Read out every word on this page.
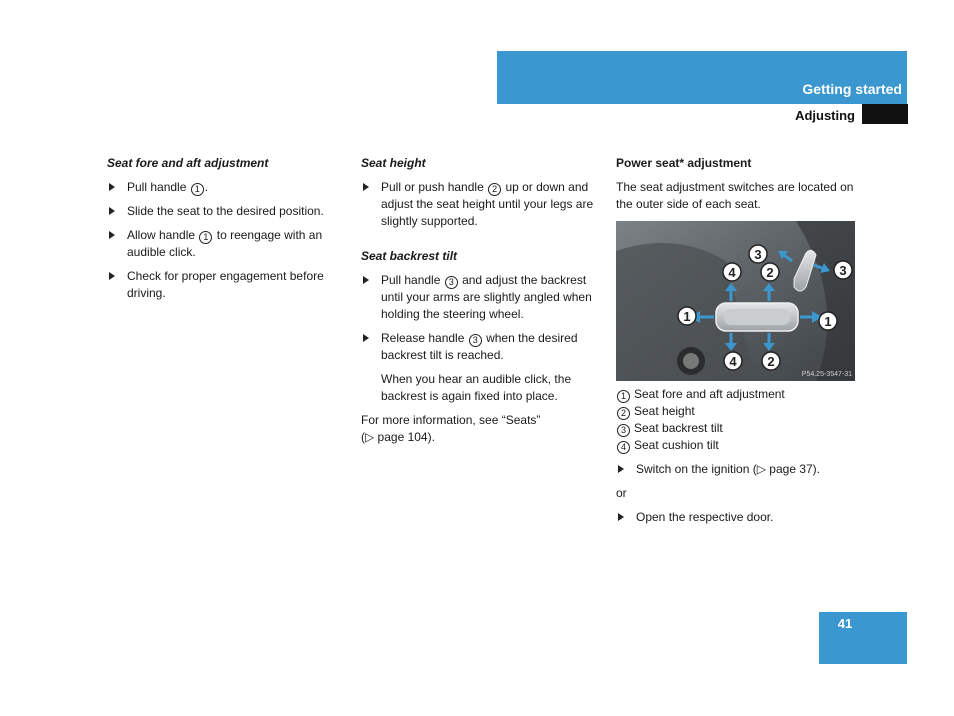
Getting started
Adjusting

Seat fore and aft adjustment

Pull handle 1 .

Slide the seat to the desired position.

Allow handle 1 to reengage with an audible click.

Check for proper engagement before driving.

Seat height

Pull or push handle 2 up or down and adjust the seat height until your legs are slightly supported.

Seat backrest tilt

Pull handle 3 and adjust the backrest until your arms are slightly angled when holding the steering wheel.

Release handle 3 when the desired backrest tilt is reached.

When you hear an audible click, the backrest is again fixed into place.

For more information, see “Seats”
(▷ page 104).

Power seat* adjustment

The seat adjustment switches are located on the outer side of each seat.

1	1
2
2
3
3
4
4
P54.25-3547-31

1 Seat fore and aft adjustment

2 Seat height

3 Seat backrest tilt

4 Seat cushion tilt

Switch on the ignition (▷ page 37).

or

Open the respective door.

41
